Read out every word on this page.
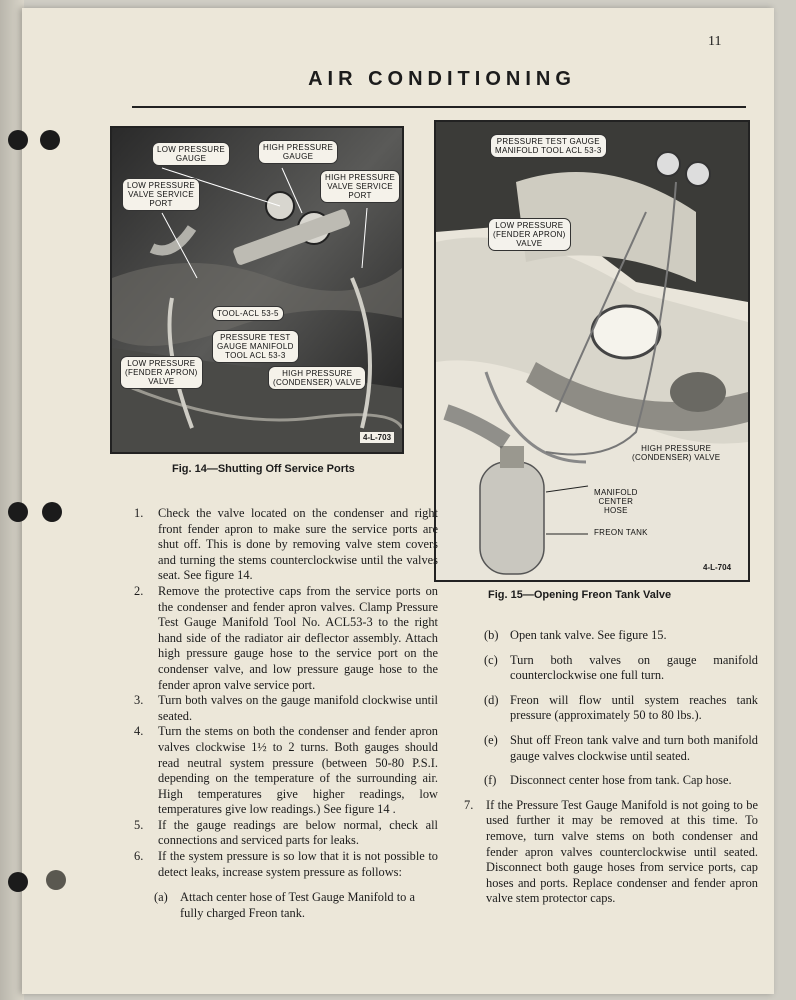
11
AIR CONDITIONING
LOW PRESSURE
GAUGE
HIGH PRESSURE
GAUGE
LOW PRESSURE
VALVE SERVICE
PORT
HIGH PRESSURE
VALVE SERVICE
PORT
TOOL-ACL 53-5
PRESSURE TEST
GAUGE MANIFOLD
TOOL ACL 53-3
LOW PRESSURE
(FENDER APRON)
VALVE
HIGH PRESSURE
(CONDENSER) VALVE
4-L-703
Fig. 14—Shutting Off Service Ports
PRESSURE TEST GAUGE
MANIFOLD TOOL ACL 53-3
LOW PRESSURE
(FENDER APRON)
VALVE
HIGH PRESSURE
(CONDENSER) VALVE
MANIFOLD
CENTER
HOSE
FREON TANK
4-L-704
Fig. 15—Opening Freon Tank Valve
1.	Check the valve located on the condenser and right front fender apron to make sure the service ports are shut off. This is done by removing valve stem covers and turning the stems counterclockwise until the valves seat. See figure 14.
2.	Remove the protective caps from the service ports on the condenser and fender apron valves. Clamp Pressure Test Gauge Manifold Tool No. ACL53-3 to the right hand side of the radiator air deflector assembly. Attach high pressure gauge hose to the service port on the condenser valve, and low pressure gauge hose to the fender apron valve service port.
3.	Turn both valves on the gauge manifold clockwise until seated.
4.	Turn the stems on both the condenser and fender apron valves clockwise 1½ to 2 turns. Both gauges should read neutral system pressure (between 50-80 P.S.I. depending on the temperature of the surrounding air. High temperatures give higher readings, low temperatures give low readings.) See figure 14 .
5.	If the gauge readings are below normal, check all connections and serviced parts for leaks.
6.	If the system pressure is so low that it is not possible to detect leaks, increase system pressure as follows:
(a) Attach center hose of Test Gauge Manifold to a fully charged Freon tank.
(b) Open tank valve. See figure 15.
(c) Turn both valves on gauge manifold counterclockwise one full turn.
(d) Freon will flow until system reaches tank pressure (approximately 50 to 80 lbs.).
(e) Shut off Freon tank valve and turn both manifold gauge valves clockwise until seated.
(f)	Disconnect center hose from tank. Cap hose.
7.	If the Pressure Test Gauge Manifold is not going to be used further it may be removed at this time. To remove, turn valve stems on both condenser and fender apron valves counterclockwise until seated. Disconnect both gauge hoses from service ports, cap hoses and ports. Replace condenser and fender apron valve stem protector caps.
